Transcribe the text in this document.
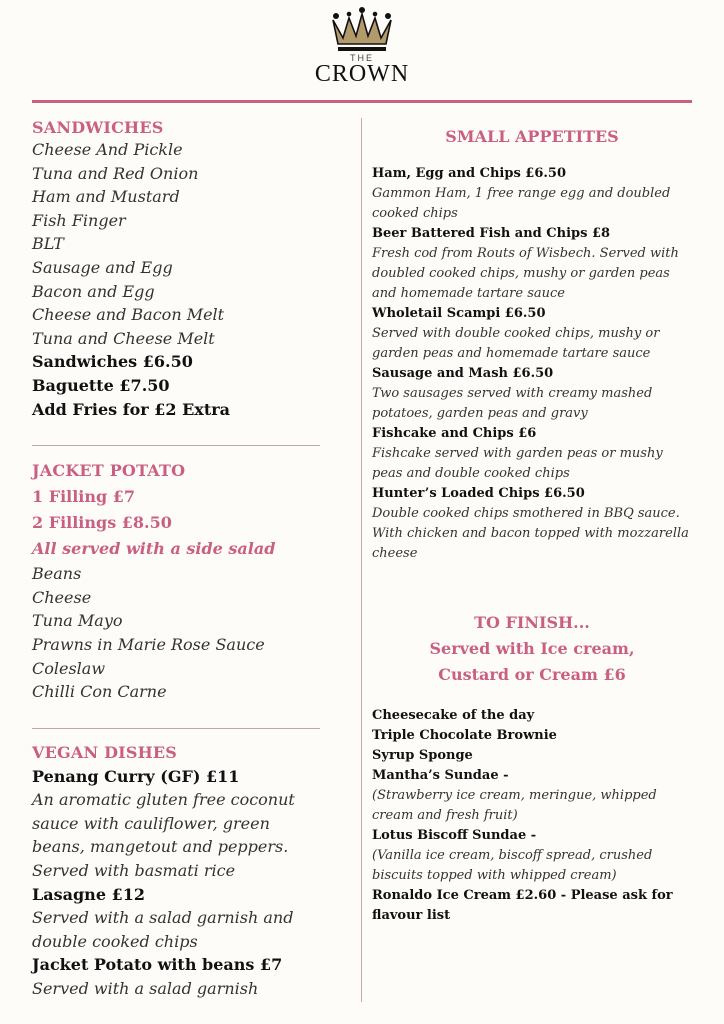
THE
CROWN
SANDWICHES
Cheese And Pickle
Tuna and Red Onion
Ham and Mustard
Fish Finger
BLT
Sausage and Egg
Bacon and Egg
Cheese and Bacon Melt
Tuna and Cheese Melt
Sandwiches £6.50
Baguette £7.50
Add Fries for £2 Extra
JACKET POTATO
1 Filling £7
2 Fillings £8.50
All served with a side salad
Beans
Cheese
Tuna Mayo
Prawns in Marie Rose Sauce
Coleslaw
Chilli Con Carne
VEGAN DISHES
Penang Curry (GF) £11
An aromatic gluten free coconut sauce with cauliflower, green beans, mangetout and peppers. Served with basmati rice
Lasagne £12
Served with a salad garnish and double cooked chips
Jacket Potato with beans £7
Served with a salad garnish
SMALL APPETITES
Ham, Egg and Chips £6.50
Gammon Ham, 1 free range egg and doubled cooked chips
Beer Battered Fish and Chips £8
Fresh cod from Routs of Wisbech. Served with doubled cooked chips, mushy or garden peas and homemade tartare sauce
Wholetail Scampi £6.50
Served with double cooked chips, mushy or garden peas and homemade tartare sauce
Sausage and Mash £6.50
Two sausages served with creamy mashed potatoes, garden peas and gravy
Fishcake and Chips £6
Fishcake served with garden peas or mushy peas and double cooked chips
Hunter’s Loaded Chips £6.50
Double cooked chips smothered in BBQ sauce. With chicken and bacon topped with mozzarella cheese
TO FINISH...
Served with Ice cream, Custard or Cream £6
Cheesecake of the day
Triple Chocolate Brownie
Syrup Sponge
Mantha’s Sundae -
(Strawberry ice cream, meringue, whipped cream and fresh fruit)
Lotus Biscoff Sundae -
(Vanilla ice cream, biscoff spread, crushed biscuits topped with whipped cream)
Ronaldo Ice Cream £2.60 - Please ask for flavour list
